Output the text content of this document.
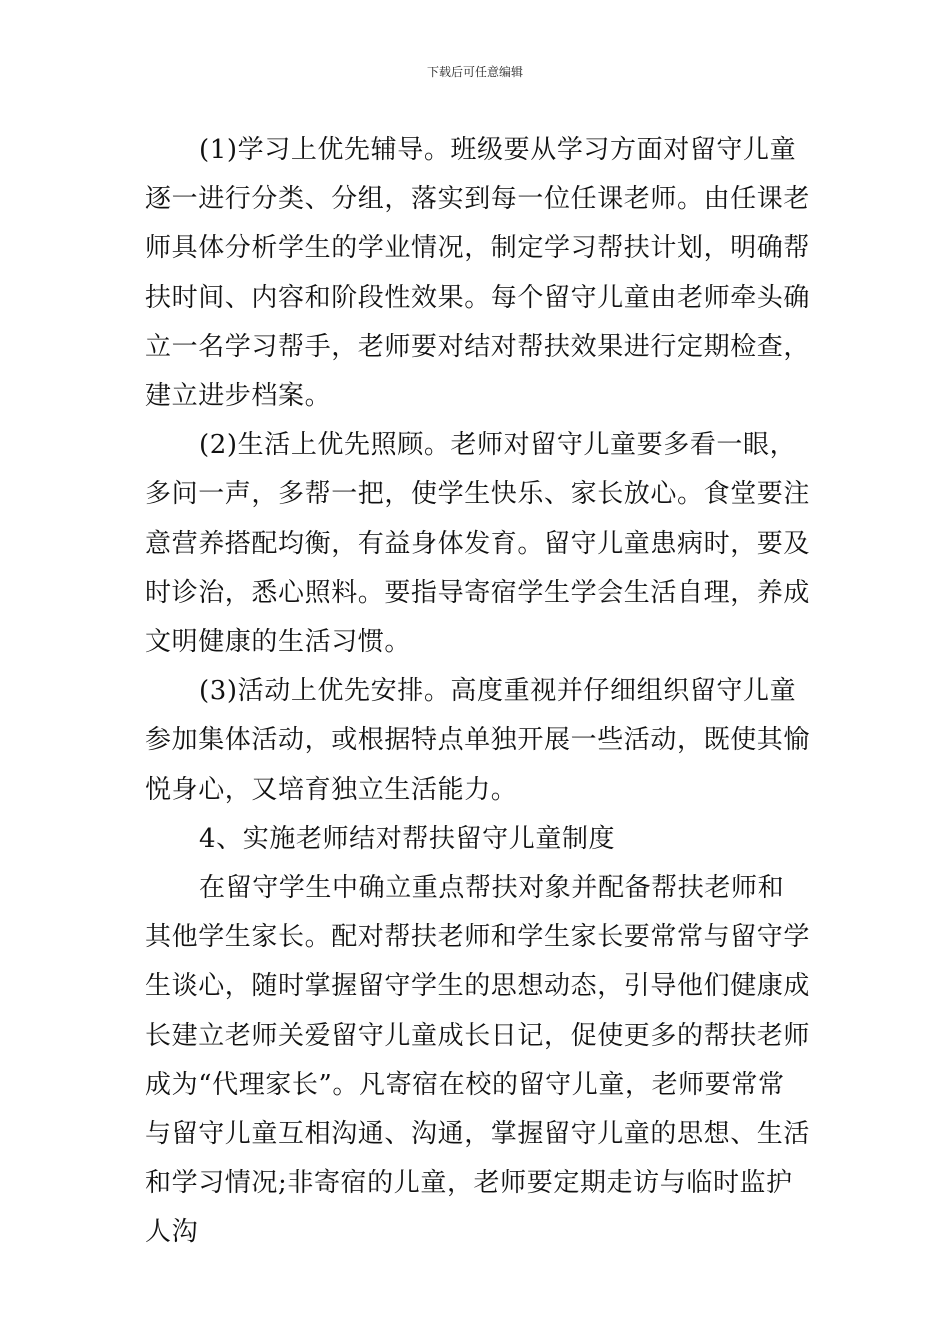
下载后可任意编辑

(1)学习上优先辅导。班级要从学习方面对留守儿童逐一进行分类、分组，落实到每一位任课老师。由任课老师具体分析学生的学业情况，制定学习帮扶计划，明确帮扶时间、内容和阶段性效果。每个留守儿童由老师牵头确立一名学习帮手，老师要对结对帮扶效果进行定期检查，建立进步档案。

(2)生活上优先照顾。老师对留守儿童要多看一眼，多问一声，多帮一把，使学生快乐、家长放心。食堂要注意营养搭配均衡，有益身体发育。留守儿童患病时，要及时诊治，悉心照料。要指导寄宿学生学会生活自理，养成文明健康的生活习惯。

(3)活动上优先安排。高度重视并仔细组织留守儿童参加集体活动，或根据特点单独开展一些活动，既使其愉悦身心，又培育独立生活能力。

4、实施老师结对帮扶留守儿童制度

在留守学生中确立重点帮扶对象并配备帮扶老师和其他学生家长。配对帮扶老师和学生家长要常常与留守学生谈心，随时掌握留守学生的思想动态，引导他们健康成长建立老师关爱留守儿童成长日记，促使更多的帮扶老师成为“代理家长”。凡寄宿在校的留守儿童，老师要常常与留守儿童互相沟通、沟通，掌握留守儿童的思想、生活和学习情况;非寄宿的儿童，老师要定期走访与临时监护人沟
